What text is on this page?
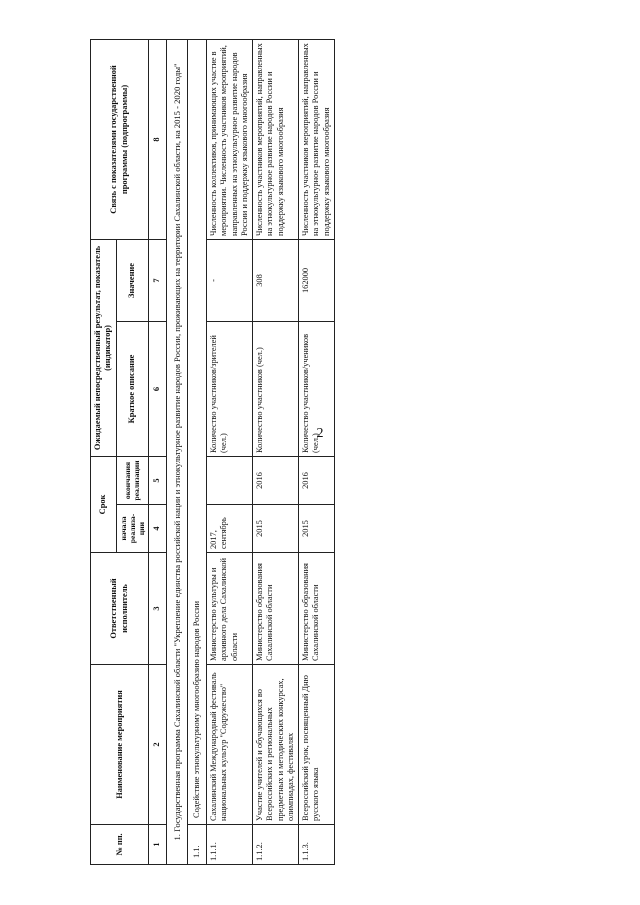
2
№ пп.	Наименование мероприятия	Ответственный исполнитель	Срок		Ожидаемый непосредственный результат, показатель (индикатор)		Связь с показателями государственной программы (подпрограммы)
			начала реализа-ции	окончания реализации	Краткое описание	Значение	
1	2	3	4	5	6	7	8
1. Государственная программа Сахалинской области "Укрепление единства российской нации и этнокультурное развитие народов России, проживающих на территории Сахалинской области, на 2015 - 2020 годы"							
1.1.	Содействие этнокультурному многообразию народов России						
1.1.1.	Сахалинский Международный фестиваль национальных культур "Содружество"	Министерство культуры и архивного дела Сахалинской области	2017, сентябрь		Количество участников/зрителей (чел.)	-	Численность коллективов, принимающих участие в мероприятии. Численность участников мероприятий, направленных на этнокультурное развитие народов России и поддержку языкового многообразия
1.1.2.	Участие учителей и обучающихся во Всероссийских и региональных предметных и методических конкурсах, олимпиадах, фестивалях	Министерство образования Сахалинской области	2015	2016	Количество участников (чел.)	308	Численность участников мероприятий, направленных на этнокультурное развитие народов России и поддержку языкового многообразия
1.1.3.	Всероссийский урок, посвященный Дню русского языка	Министерство образования Сахалинской области	2015	2016	Количество участников/учеников (чел.)	162000	Численность участников мероприятий, направленных на этнокультурное развитие народов России и поддержку языкового многообразия
